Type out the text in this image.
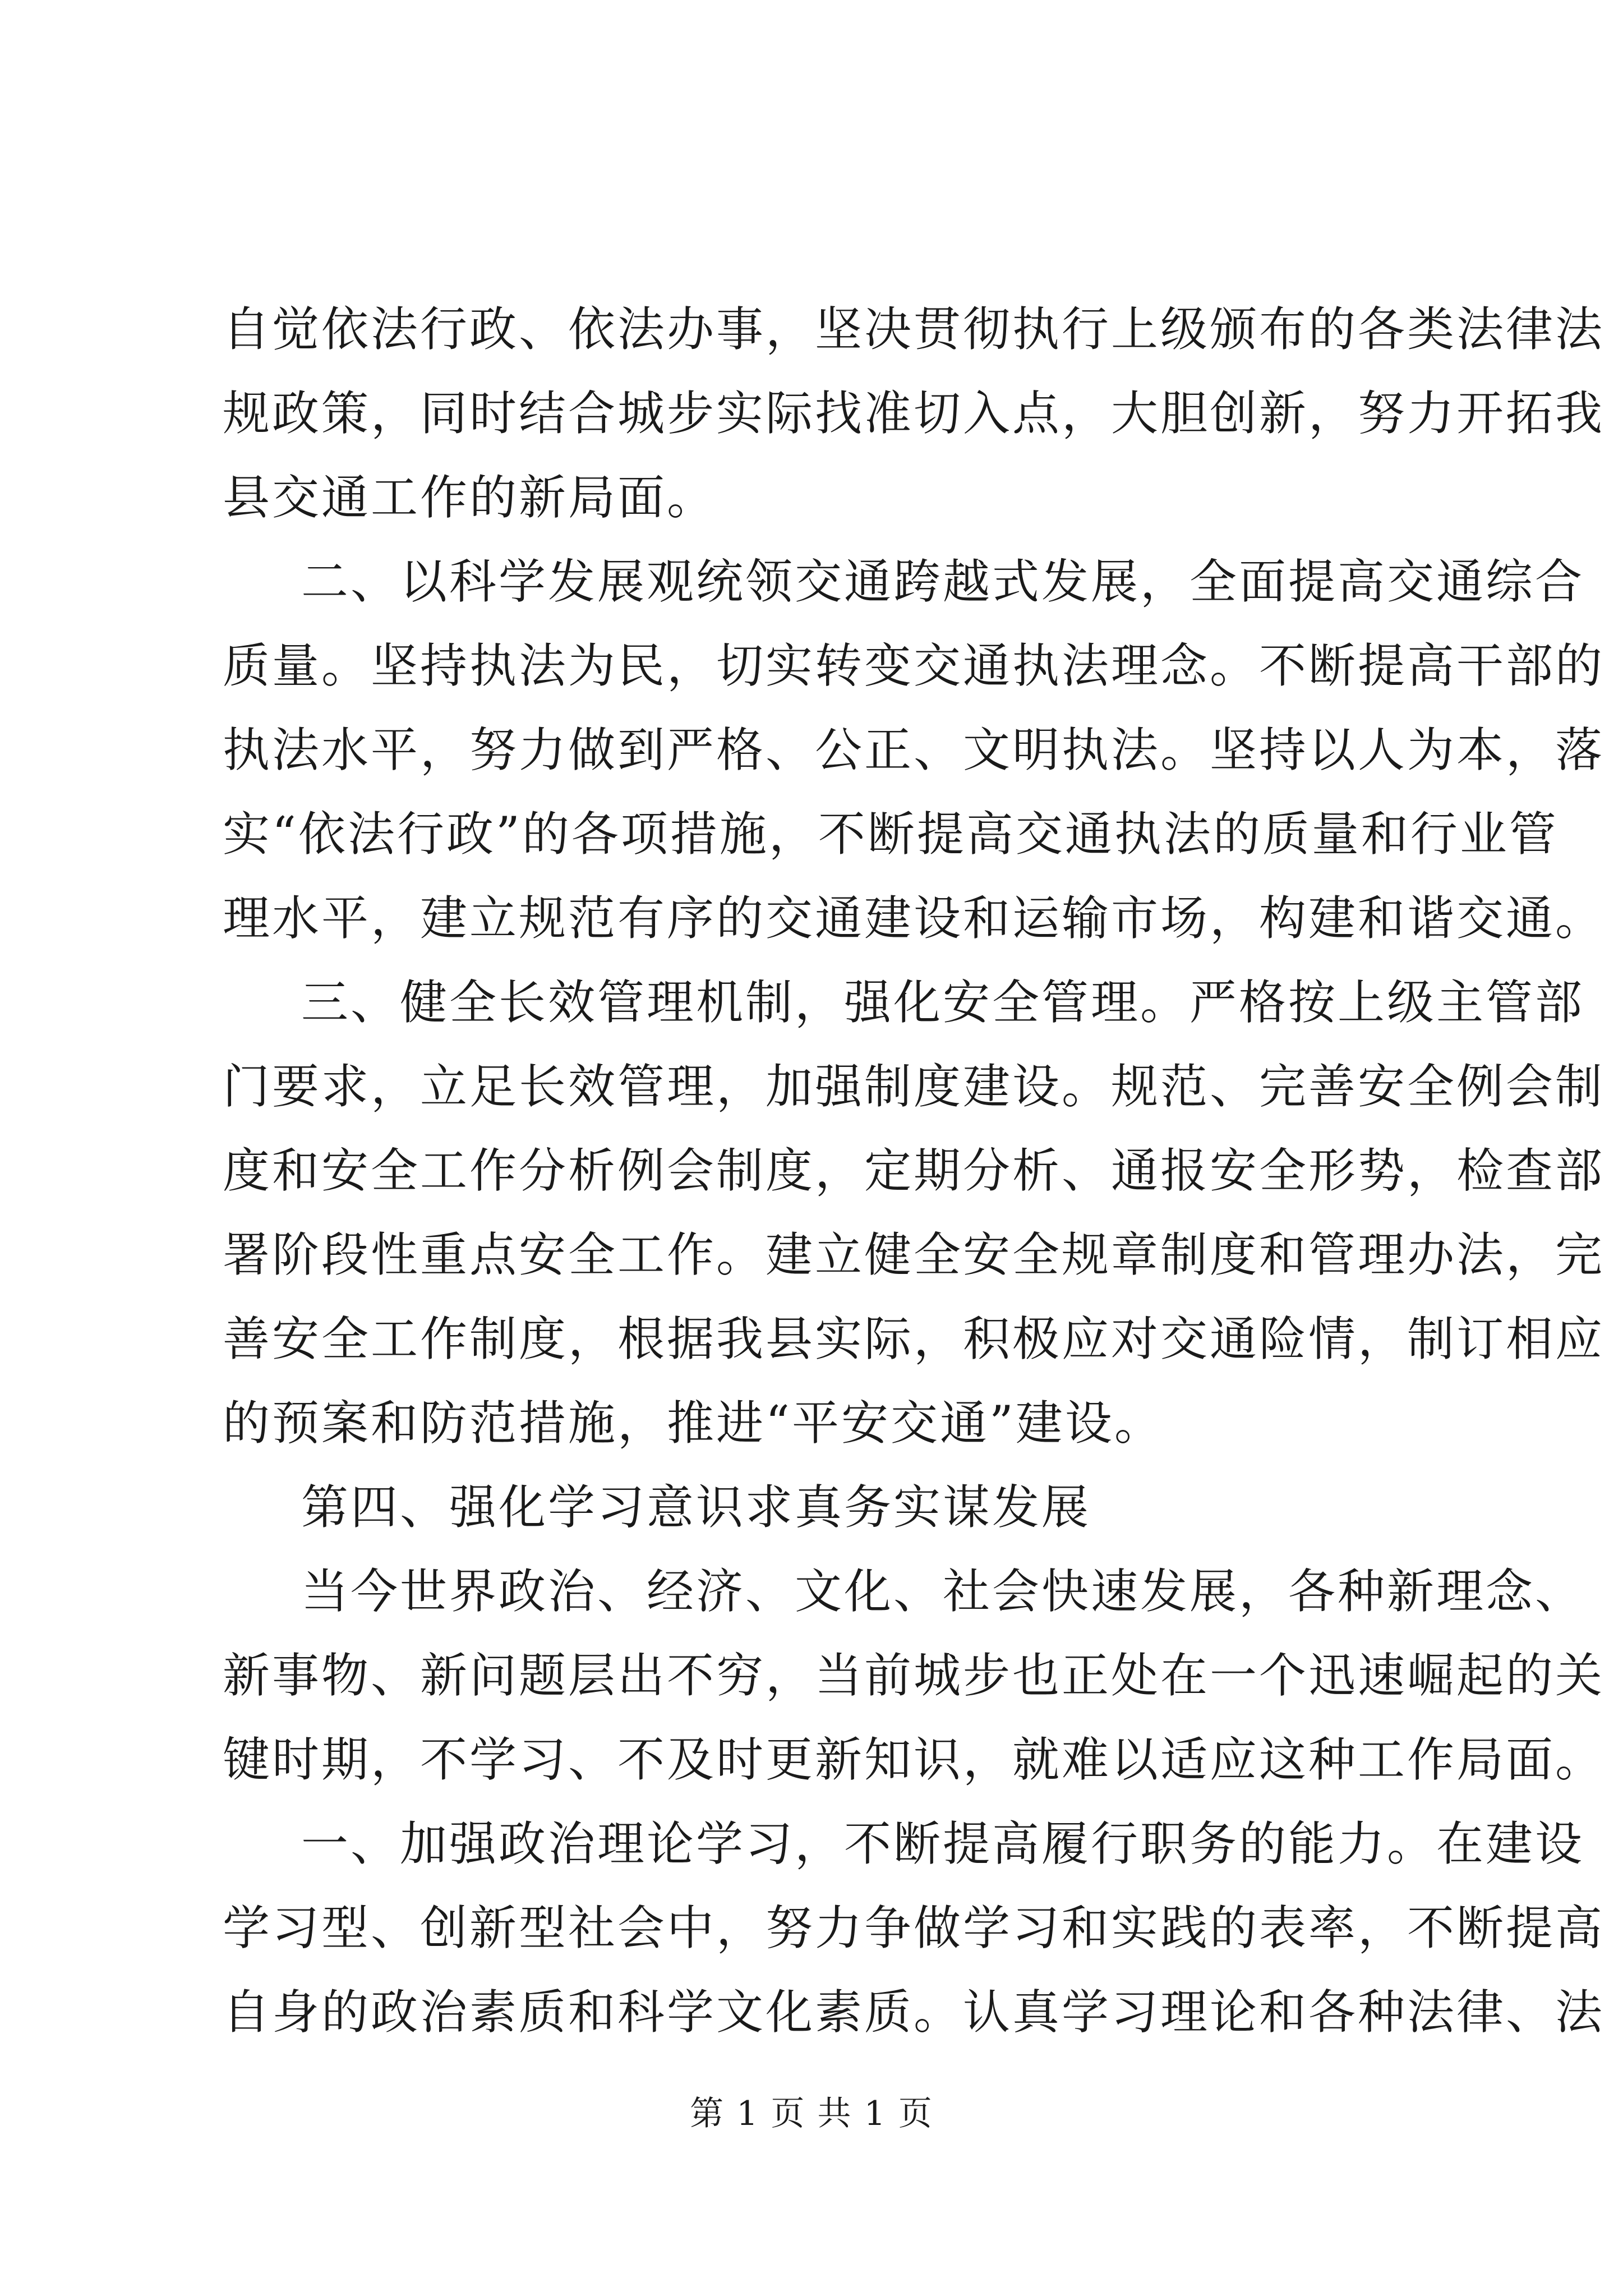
自觉依法行政、依法办事，坚决贯彻执行上级颁布的各类法律法
规政策，同时结合城步实际找准切入点，大胆创新，努力开拓我
县交通工作的新局面。
二、以科学发展观统领交通跨越式发展，全面提高交通综合
质量。坚持执法为民，切实转变交通执法理念。不断提高干部的
执法水平，努力做到严格、公正、文明执法。坚持以人为本，落
实“依法行政”的各项措施，不断提高交通执法的质量和行业管
理水平，建立规范有序的交通建设和运输市场，构建和谐交通。
三、健全长效管理机制，强化安全管理。严格按上级主管部
门要求，立足长效管理，加强制度建设。规范、完善安全例会制
度和安全工作分析例会制度，定期分析、通报安全形势，检查部
署阶段性重点安全工作。建立健全安全规章制度和管理办法，完
善安全工作制度，根据我县实际，积极应对交通险情，制订相应
的预案和防范措施，推进“平安交通”建设。
第四、强化学习意识求真务实谋发展
当今世界政治、经济、文化、社会快速发展，各种新理念、
新事物、新问题层出不穷，当前城步也正处在一个迅速崛起的关
键时期，不学习、不及时更新知识，就难以适应这种工作局面。
一、加强政治理论学习，不断提高履行职务的能力。在建设
学习型、创新型社会中，努力争做学习和实践的表率，不断提高
自身的政治素质和科学文化素质。认真学习理论和各种法律、法
第 1 页 共 1 页
